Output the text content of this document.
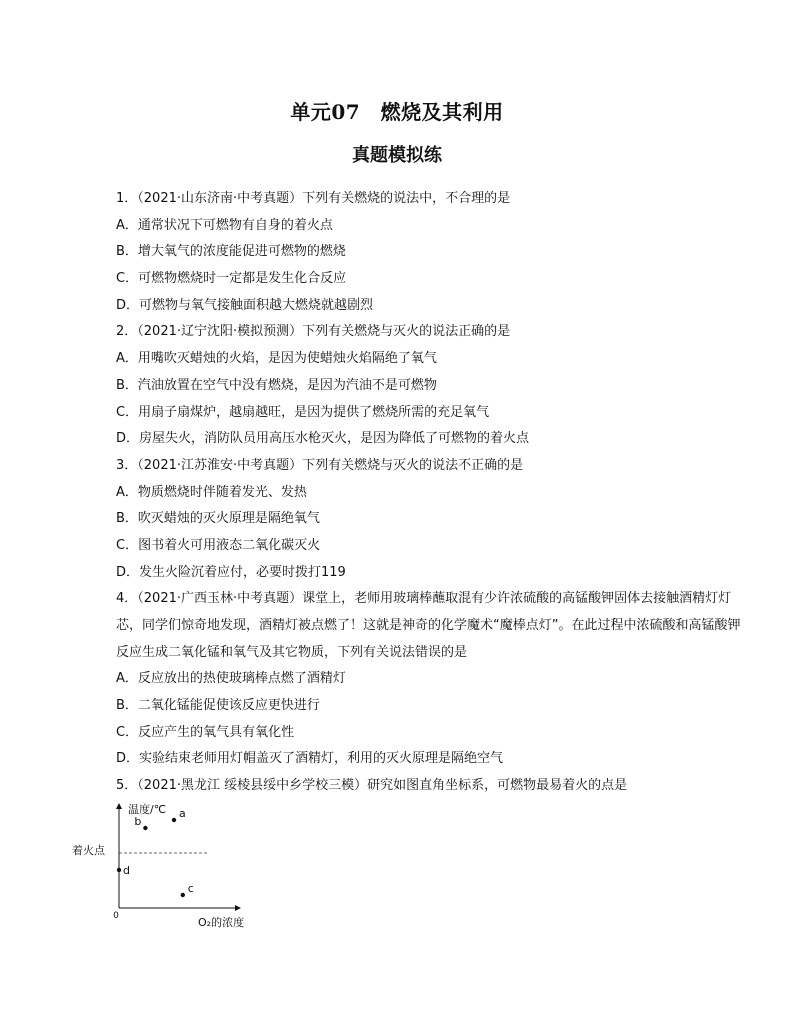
单元07　燃烧及其利用
真题模拟练

1．（2021·山东济南·中考真题）下列有关燃烧的说法中，不合理的是

A．通常状况下可燃物有自身的着火点

B．增大氧气的浓度能促进可燃物的燃烧

C．可燃物燃烧时一定都是发生化合反应

D．可燃物与氧气接触面积越大燃烧就越剧烈

2．（2021·辽宁沈阳·模拟预测）下列有关燃烧与灭火的说法正确的是

A．用嘴吹灭蜡烛的火焰，是因为使蜡烛火焰隔绝了氧气

B．汽油放置在空气中没有燃烧，是因为汽油不是可燃物

C．用扇子扇煤炉，越扇越旺，是因为提供了燃烧所需的充足氧气

D．房屋失火，消防队员用高压水枪灭火，是因为降低了可燃物的着火点

3．（2021·江苏淮安·中考真题）下列有关燃烧与灭火的说法不正确的是

A．物质燃烧时伴随着发光、发热

B．吹灭蜡烛的灭火原理是隔绝氧气

C．图书着火可用液态二氧化碳灭火

D．发生火险沉着应付，必要时拨打119

4．（2021·广西玉林·中考真题）课堂上，老师用玻璃棒蘸取混有少许浓硫酸的高锰酸钾固体去接触酒精灯灯

芯，同学们惊奇地发现，酒精灯被点燃了！这就是神奇的化学魔术“魔棒点灯”。在此过程中浓硫酸和高锰酸钾

反应生成二氧化锰和氧气及其它物质，下列有关说法错误的是

A．反应放出的热使玻璃棒点燃了酒精灯

B．二氧化锰能促使该反应更快进行

C．反应产生的氧气具有氧化性

D．实验结束老师用灯帽盖灭了酒精灯，利用的灭火原理是隔绝空气

5．（2021·黑龙江 绥棱县绥中乡学校三模）研究如图直角坐标系，可燃物最易着火的点是

温度/℃
O₂的浓度
0
着火点
a
b
c
d
